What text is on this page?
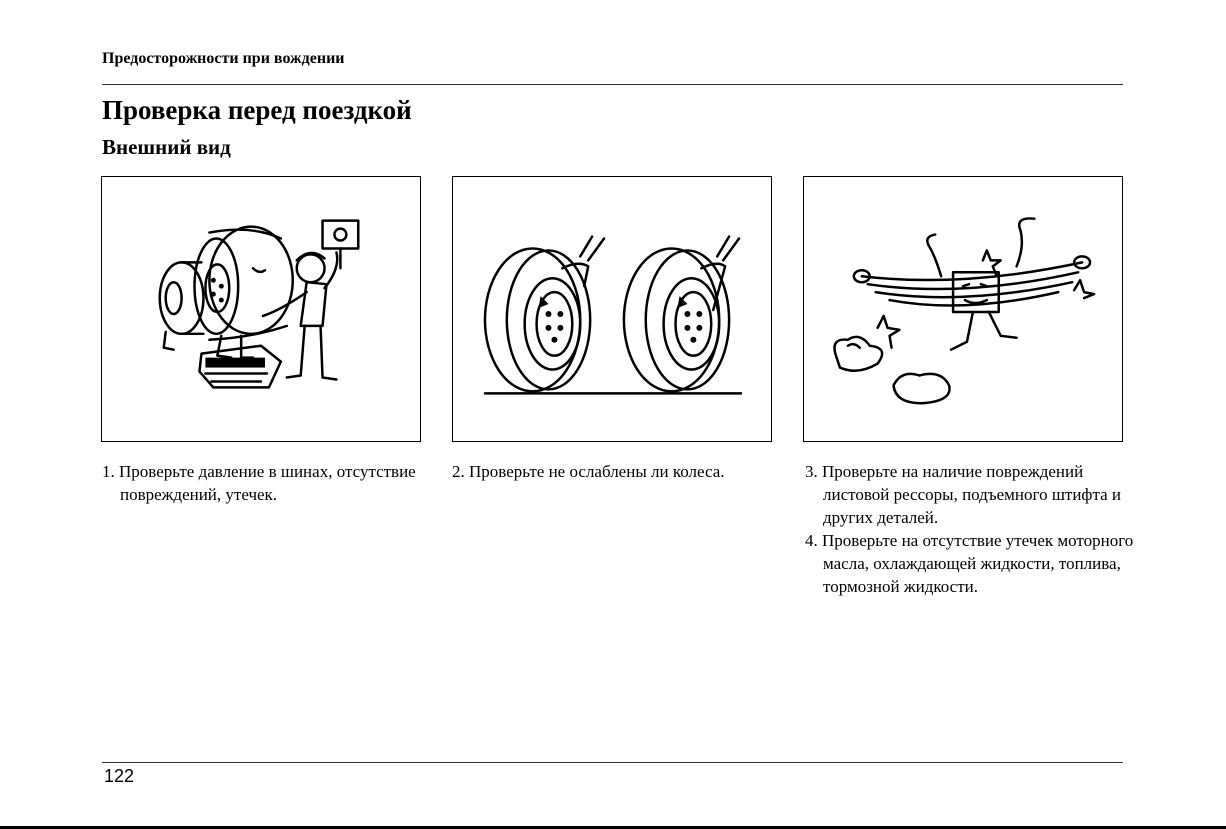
Предосторожности при вождении
Проверка перед поездкой
Внешний вид
1. Проверьте давление в шинах, отсутствие повреждений, утечек.
2. Проверьте не ослаблены ли колеса.	3. Проверьте на наличие повреждений листовой рессоры, подъемного штифта и других деталей.
4. Проверьте на отсутствие утечек моторного масла, охлаждающей жидкости, топлива, тормозной жидкости.
122
